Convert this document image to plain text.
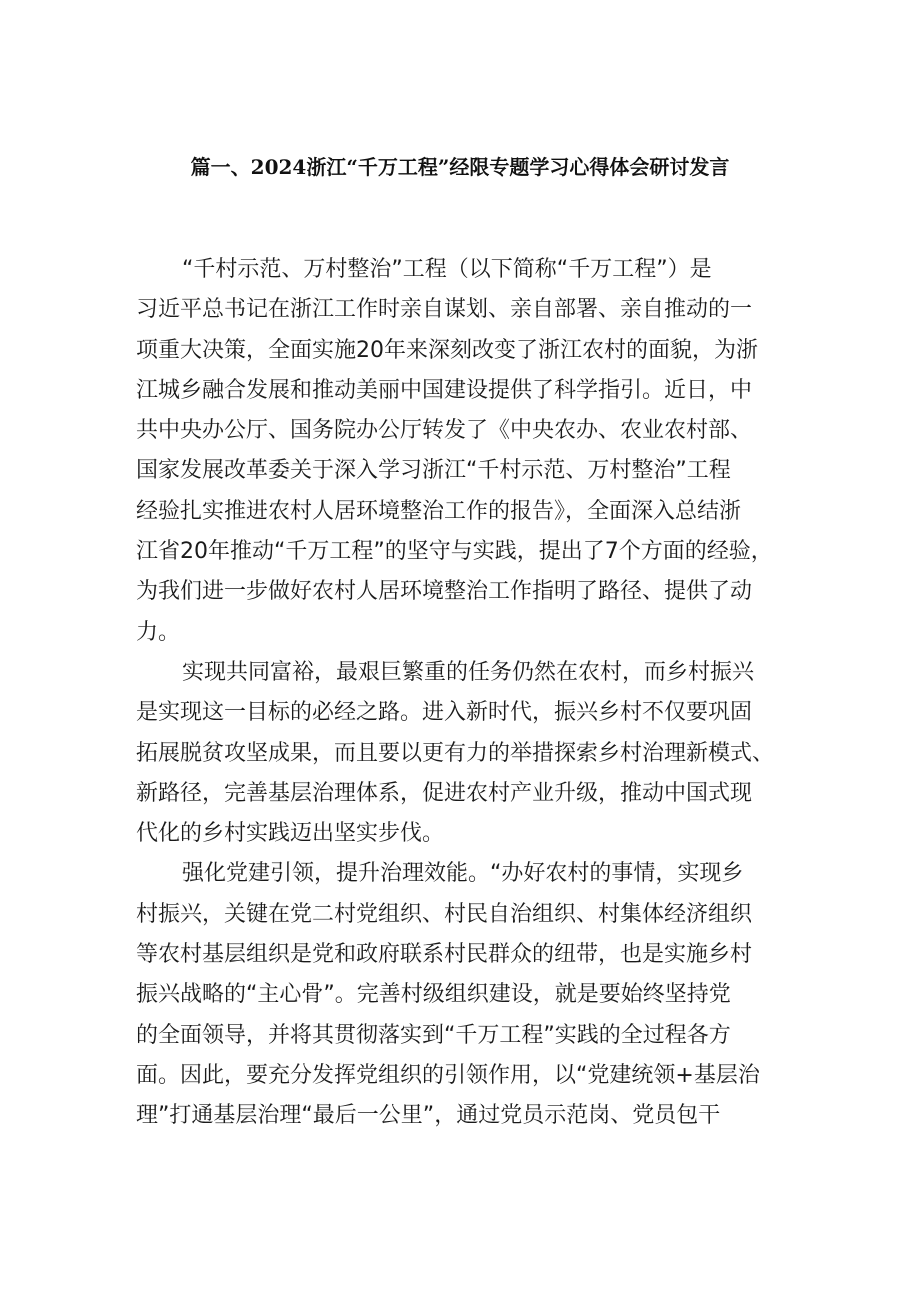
篇一、2024浙江“千万工程”经限专题学习心得体会研讨发言
“千村示范、万村整治”工程（以下简称“千万工程”）是
习近平总书记在浙江工作时亲自谋划、亲自部署、亲自推动的一
项重大决策，全面实施20年来深刻改变了浙江农村的面貌，为浙
江城乡融合发展和推动美丽中国建设提供了科学指引。近日，中
共中央办公厅、国务院办公厅转发了《中央农办、农业农村部、
国家发展改革委关于深入学习浙江“千村示范、万村整治”工程
经验扎实推进农村人居环境整治工作的报告》，全面深入总结浙
江省20年推动“千万工程”的坚守与实践，提出了7个方面的经验，
为我们进一步做好农村人居环境整治工作指明了路径、提供了动
力。
实现共同富裕，最艰巨繁重的任务仍然在农村，而乡村振兴
是实现这一目标的必经之路。进入新时代，振兴乡村不仅要巩固
拓展脱贫攻坚成果，而且要以更有力的举措探索乡村治理新模式、
新路径，完善基层治理体系，促进农村产业升级，推动中国式现
代化的乡村实践迈出坚实步伐。
强化党建引领，提升治理效能。“办好农村的事情，实现乡
村振兴，关键在党二村党组织、村民自治组织、村集体经济组织
等农村基层组织是党和政府联系村民群众的纽带，也是实施乡村
振兴战略的“主心骨”。完善村级组织建设，就是要始终坚持党
的全面领导，并将其贯彻落实到“千万工程”实践的全过程各方
面。因此，要充分发挥党组织的引领作用，以“党建统领+基层治
理”打通基层治理“最后一公里”，通过党员示范岗、党员包干
